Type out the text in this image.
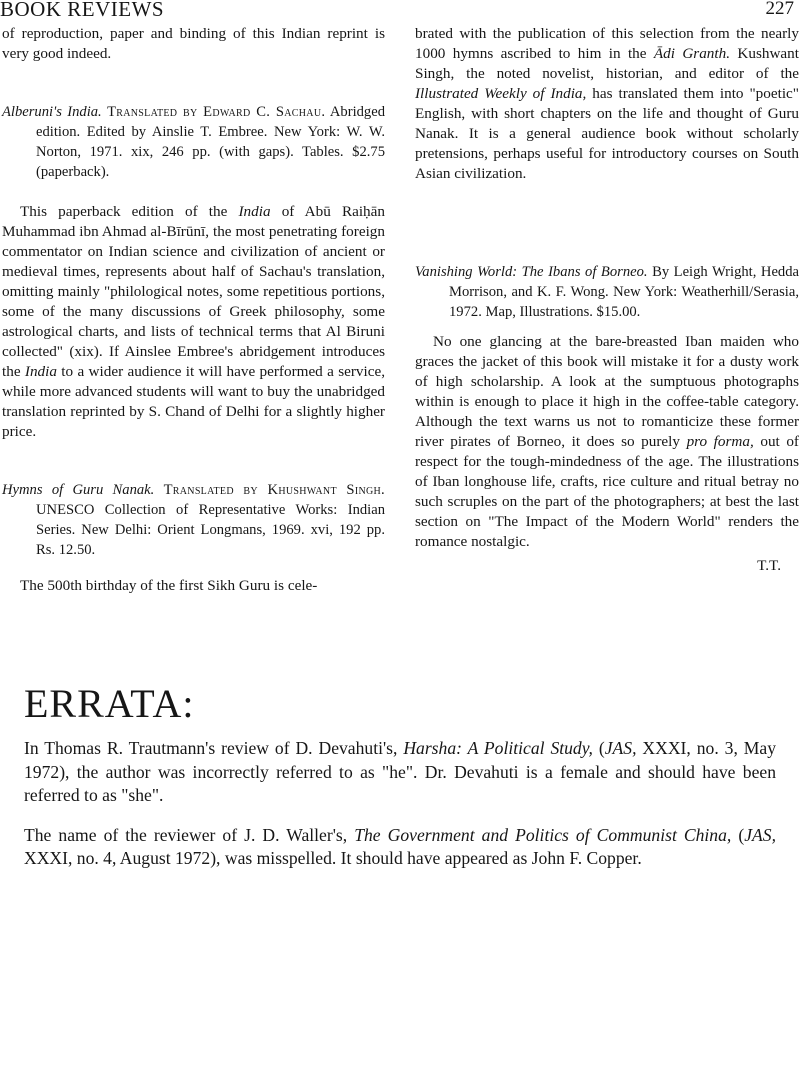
BOOK REVIEWS	227

of reproduction, paper and binding of this Indian reprint is very good indeed.

Alberuni's India. Translated by Edward C. Sachau. Abridged edition. Edited by Ainslie T. Embree. New York: W. W. Norton, 1971. xix, 246 pp. (with gaps). Tables. $2.75 (paperback).

This paperback edition of the India of Abū Raiḥān Muhammad ibn Ahmad al-Bīrūnī, the most penetrating foreign commentator on Indian science and civilization of ancient or medieval times, represents about half of Sachau's translation, omitting mainly "philological notes, some repetitious portions, some of the many discussions of Greek philosophy, some astrological charts, and lists of technical terms that Al Biruni collected" (xix). If Ainslee Embree's abridgement introduces the India to a wider audience it will have performed a service, while more advanced students will want to buy the unabridged translation reprinted by S. Chand of Delhi for a slightly higher price.

Hymns of Guru Nanak. Translated by Khushwant Singh. UNESCO Collection of Representative Works: Indian Series. New Delhi: Orient Longmans, 1969. xvi, 192 pp. Rs. 12.50.

The 500th birthday of the first Sikh Guru is cele-

brated with the publication of this selection from the nearly 1000 hymns ascribed to him in the Ādi Granth. Kushwant Singh, the noted novelist, historian, and editor of the Illustrated Weekly of India, has translated them into "poetic" English, with short chapters on the life and thought of Guru Nanak. It is a general audience book without scholarly pretensions, perhaps useful for introductory courses on South Asian civilization.

Vanishing World: The Ibans of Borneo. By Leigh Wright, Hedda Morrison, and K. F. Wong. New York: Weatherhill/Serasia, 1972. Map, Illustrations. $15.00.

No one glancing at the bare-breasted Iban maiden who graces the jacket of this book will mistake it for a dusty work of high scholarship. A look at the sumptuous photographs within is enough to place it high in the coffee-table category. Although the text warns us not to romanticize these former river pirates of Borneo, it does so purely pro forma, out of respect for the tough-mindedness of the age. The illustrations of Iban longhouse life, crafts, rice culture and ritual betray no such scruples on the part of the photographers; at best the last section on "The Impact of the Modern World" renders the romance nostalgic.

T.T.

ERRATA:

In Thomas R. Trautmann's review of D. Devahuti's, Harsha: A Political Study, (JAS, XXXI, no. 3, May 1972), the author was incorrectly referred to as "he". Dr. Devahuti is a female and should have been referred to as "she".

The name of the reviewer of J. D. Waller's, The Government and Politics of Communist China, (JAS, XXXI, no. 4, August 1972), was misspelled. It should have appeared as John F. Copper.
